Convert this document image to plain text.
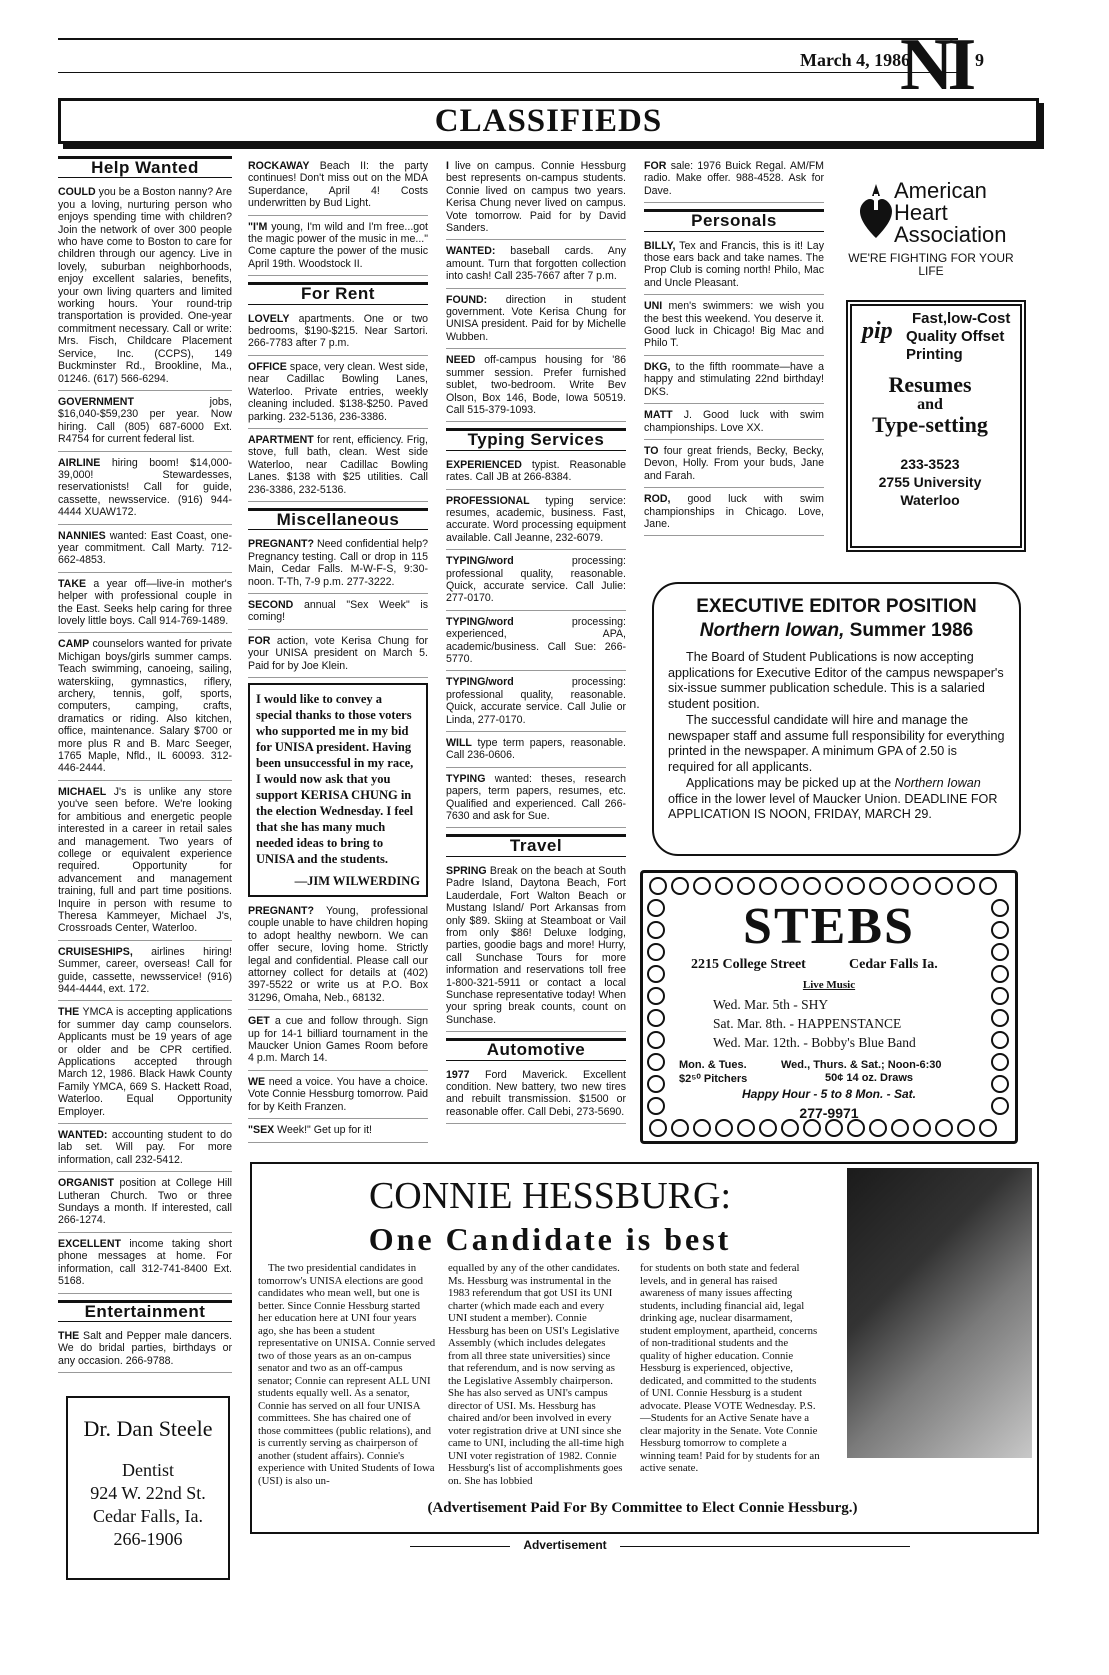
March 4, 1986
NI 9
CLASSIFIEDS
Help Wanted

COULD you be a Boston nanny? Are you a loving, nurturing person who enjoys spending time with children? Join the network of over 300 people who have come to Boston to care for children through our agency. Live in lovely, suburban neighborhoods, enjoy excellent salaries, benefits, your own living quarters and limited working hours. Your round-trip transportation is provided. One-year commitment necessary. Call or write: Mrs. Fisch, Childcare Placement Service, Inc. (CCPS), 149 Buckminster Rd., Brookline, Ma., 01246. (617) 566-6294.

GOVERNMENT jobs, $16,040-$59,230 per year. Now hiring. Call (805) 687-6000 Ext. R4754 for current federal list.

AIRLINE hiring boom! $14,000-39,000! Stewardesses, reservationists! Call for guide, cassette, newsservice. (916) 944-4444 XUAW172.

NANNIES wanted: East Coast, one-year commitment. Call Marty. 712-662-4853.

TAKE a year off—live-in mother's helper with professional couple in the East. Seeks help caring for three lovely little boys. Call 914-769-1489.

CAMP counselors wanted for private Michigan boys/girls summer camps. Teach swimming, canoeing, sailing, waterskiing, gymnastics, riflery, archery, tennis, golf, sports, computers, camping, crafts, dramatics or riding. Also kitchen, office, maintenance. Salary $700 or more plus R and B. Marc Seeger, 1765 Maple, Nfld., IL 60093. 312-446-2444.

MICHAEL J's is unlike any store you've seen before. We're looking for ambitious and energetic people interested in a career in retail sales and management. Two years of college or equivalent experience required. Opportunity for advancement and management training, full and part time positions. Inquire in person with resume to Theresa Kammeyer, Michael J's, Crossroads Center, Waterloo.

CRUISESHIPS, airlines hiring! Summer, career, overseas! Call for guide, cassette, newsservice! (916) 944-4444, ext. 172.

THE YMCA is accepting applications for summer day camp counselors. Applicants must be 19 years of age or older and be CPR certified. Applications accepted through March 12, 1986. Black Hawk County Family YMCA, 669 S. Hackett Road, Waterloo. Equal Opportunity Employer.

WANTED: accounting student to do lab set. Will pay. For more information, call 232-5412.

ORGANIST position at College Hill Lutheran Church. Two or three Sundays a month. If interested, call 266-1274.

EXCELLENT income taking short phone messages at home. For information, call 312-741-8400 Ext. 5168.

Entertainment

THE Salt and Pepper male dancers. We do bridal parties, birthdays or any occasion. 266-9788.

Dr. Dan Steele
Dentist
924 W. 22nd St.
Cedar Falls, Ia.
266-1906

ROCKAWAY Beach II: the party continues! Don't miss out on the MDA Superdance, April 4! Costs underwritten by Bud Light.

"I'M young, I'm wild and I'm free...got the magic power of the music in me..." Come capture the power of the music April 19th. Woodstock II.

For Rent

LOVELY apartments. One or two bedrooms, $190-$215. Near Sartori. 266-7783 after 7 p.m.

OFFICE space, very clean. West side, near Cadillac Bowling Lanes, Waterloo. Private entries, weekly cleaning included. $138-$250. Paved parking. 232-5136, 236-3386.

APARTMENT for rent, efficiency. Frig, stove, full bath, clean. West side Waterloo, near Cadillac Bowling Lanes. $138 with $25 utilities. Call 236-3386, 232-5136.

Miscellaneous

PREGNANT? Need confidential help? Pregnancy testing. Call or drop in 115 Main, Cedar Falls. M-W-F-S, 9:30-noon. T-Th, 7-9 p.m. 277-3222.

SECOND annual "Sex Week" is coming!

FOR action, vote Kerisa Chung for your UNISA president on March 5. Paid for by Joe Klein.

I would like to convey a special thanks to those voters who supported me in my bid for UNISA president. Having been unsuccessful in my race, I would now ask that you support KERISA CHUNG in the election Wednesday. I feel that she has many much needed ideas to bring to UNISA and the students.
—JIM WILWERDING

PREGNANT? Young, professional couple unable to have children hoping to adopt healthy newborn. We can offer secure, loving home. Strictly legal and confidential. Please call our attorney collect for details at (402) 397-5522 or write us at P.O. Box 31296, Omaha, Neb., 68132.

GET a cue and follow through. Sign up for 14-1 billiard tournament in the Maucker Union Games Room before 4 p.m. March 14.

WE need a voice. You have a choice. Vote Connie Hessburg tomorrow. Paid for by Keith Franzen.

"SEX Week!" Get up for it!

I live on campus. Connie Hessburg best represents on-campus students. Connie lived on campus two years. Kerisa Chung never lived on campus. Vote tomorrow. Paid for by David Sanders.

WANTED: baseball cards. Any amount. Turn that forgotten collection into cash! Call 235-7667 after 7 p.m.

FOUND: direction in student government. Vote Kerisa Chung for UNISA president. Paid for by Michelle Wubben.

NEED off-campus housing for '86 summer session. Prefer furnished sublet, two-bedroom. Write Bev Olson, Box 146, Bode, Iowa 50519. Call 515-379-1093.

Typing Services

EXPERIENCED typist. Reasonable rates. Call JB at 266-8384.

PROFESSIONAL typing service: resumes, academic, business. Fast, accurate. Word processing equipment available. Call Jeanne, 232-6079.

TYPING/word processing: professional quality, reasonable. Quick, accurate service. Call Julie: 277-0170.

TYPING/word processing: experienced, APA, academic/business. Call Sue: 266-5770.

TYPING/word processing: professional quality, reasonable. Quick, accurate service. Call Julie or Linda, 277-0170.

WILL type term papers, reasonable. Call 236-0606.

TYPING wanted: theses, research papers, term papers, resumes, etc. Qualified and experienced. Call 266-7630 and ask for Sue.

Travel

SPRING Break on the beach at South Padre Island, Daytona Beach, Fort Lauderdale, Fort Walton Beach or Mustang Island/ Port Arkansas from only $89. Skiing at Steamboat or Vail from only $86! Deluxe lodging, parties, goodie bags and more! Hurry, call Sunchase Tours for more information and reservations toll free 1-800-321-5911 or contact a local Sunchase representative today! When your spring break counts, count on Sunchase.

Automotive

1977 Ford Maverick. Excellent condition. New battery, two new tires and rebuilt transmission. $1500 or reasonable offer. Call Debi, 273-5690.

FOR sale: 1976 Buick Regal. AM/FM radio. Make offer. 988-4528. Ask for Dave.

Personals

BILLY, Tex and Francis, this is it! Lay those ears back and take names. The Prop Club is coming north! Philo, Mac and Uncle Pleasant.

UNI men's swimmers: we wish you the best this weekend. You deserve it. Good luck in Chicago! Big Mac and Philo T.

DKG, to the fifth roommate—have a happy and stimulating 22nd birthday! DKS.

MATT J. Good luck with swim championships. Love XX.

TO four great friends, Becky, Becky, Devon, Holly. From your buds, Jane and Farah.

ROD, good luck with swim championships in Chicago. Love, Jane.

American
Heart
Association
WE'RE FIGHTING FOR YOUR LIFE
pip Fast,low-Cost
Quality Offset
Printing
Resumes
and
Type-setting
233-3523
2755 University
Waterloo
EXECUTIVE EDITOR POSITION
Northern Iowan, Summer 1986
The Board of Student Publications is now accepting applications for Executive Editor of the campus newspaper's six-issue summer publication schedule. This is a salaried student position.
The successful candidate will hire and manage the newspaper staff and assume full responsibility for everything printed in the newspaper. A minimum GPA of 2.50 is required for all applicants.
Applications may be picked up at the Northern Iowan office in the lower level of Maucker Union. DEADLINE FOR APPLICATION IS NOON, FRIDAY, MARCH 29.
STEBS
2215 College Street	Cedar Falls Ia.
Live Music
Wed. Mar. 5th - SHY
Sat. Mar. 8th. - HAPPENSTANCE
Wed. Mar. 12th. - Bobby's Blue Band
Mon. & Tues.
$2⁵⁰ Pitchers
Wed., Thurs. & Sat.; Noon-6:30
50¢ 14 oz. Draws
Happy Hour - 5 to 8 Mon. - Sat.
277-9971
CONNIE HESSBURG:
One Candidate is best
The two presidential candidates in tomorrow's UNISA elections are good candidates who mean well, but one is better. Since Connie Hessburg started her education here at UNI four years ago, she has been a student representative on UNISA. Connie served two of those years as an on-campus senator and two as an off-campus senator; Connie can represent ALL UNI students equally well. As a senator, Connie has served on all four UNISA committees. She has chaired one of those committees (public relations), and is currently serving as chairperson of another (student affairs). Connie's experience with United Students of Iowa (USI) is also un-
equalled by any of the other candidates. Ms. Hessburg was instrumental in the 1983 referendum that got USI its UNI charter (which made each and every UNI student a member). Connie Hessburg has been on USI's Legislative Assembly (which includes delegates from all three state universities) since that referendum, and is now serving as the Legislative Assembly chairperson. She has also served as UNI's campus director of USI. Ms. Hessburg has chaired and/or been involved in every voter registration drive at UNI since she came to UNI, including the all-time high UNI voter registration of 1982. Connie Hessburg's list of accomplishments goes on. She has lobbied
for students on both state and federal levels, and in general has raised awareness of many issues affecting students, including financial aid, legal drinking age, nuclear disarmament, student employment, apartheid, concerns of non-traditional students and the quality of higher education. Connie Hessburg is experienced, objective, dedicated, and committed to the students of UNI. Connie Hessburg is a student advocate. Please VOTE Wednesday. P.S.—Students for an Active Senate have a clear majority in the Senate. Vote Connie Hessburg tomorrow to complete a winning team! Paid for by students for an active senate.
(Advertisement Paid For By Committee to Elect Connie Hessburg.)
Advertisement
